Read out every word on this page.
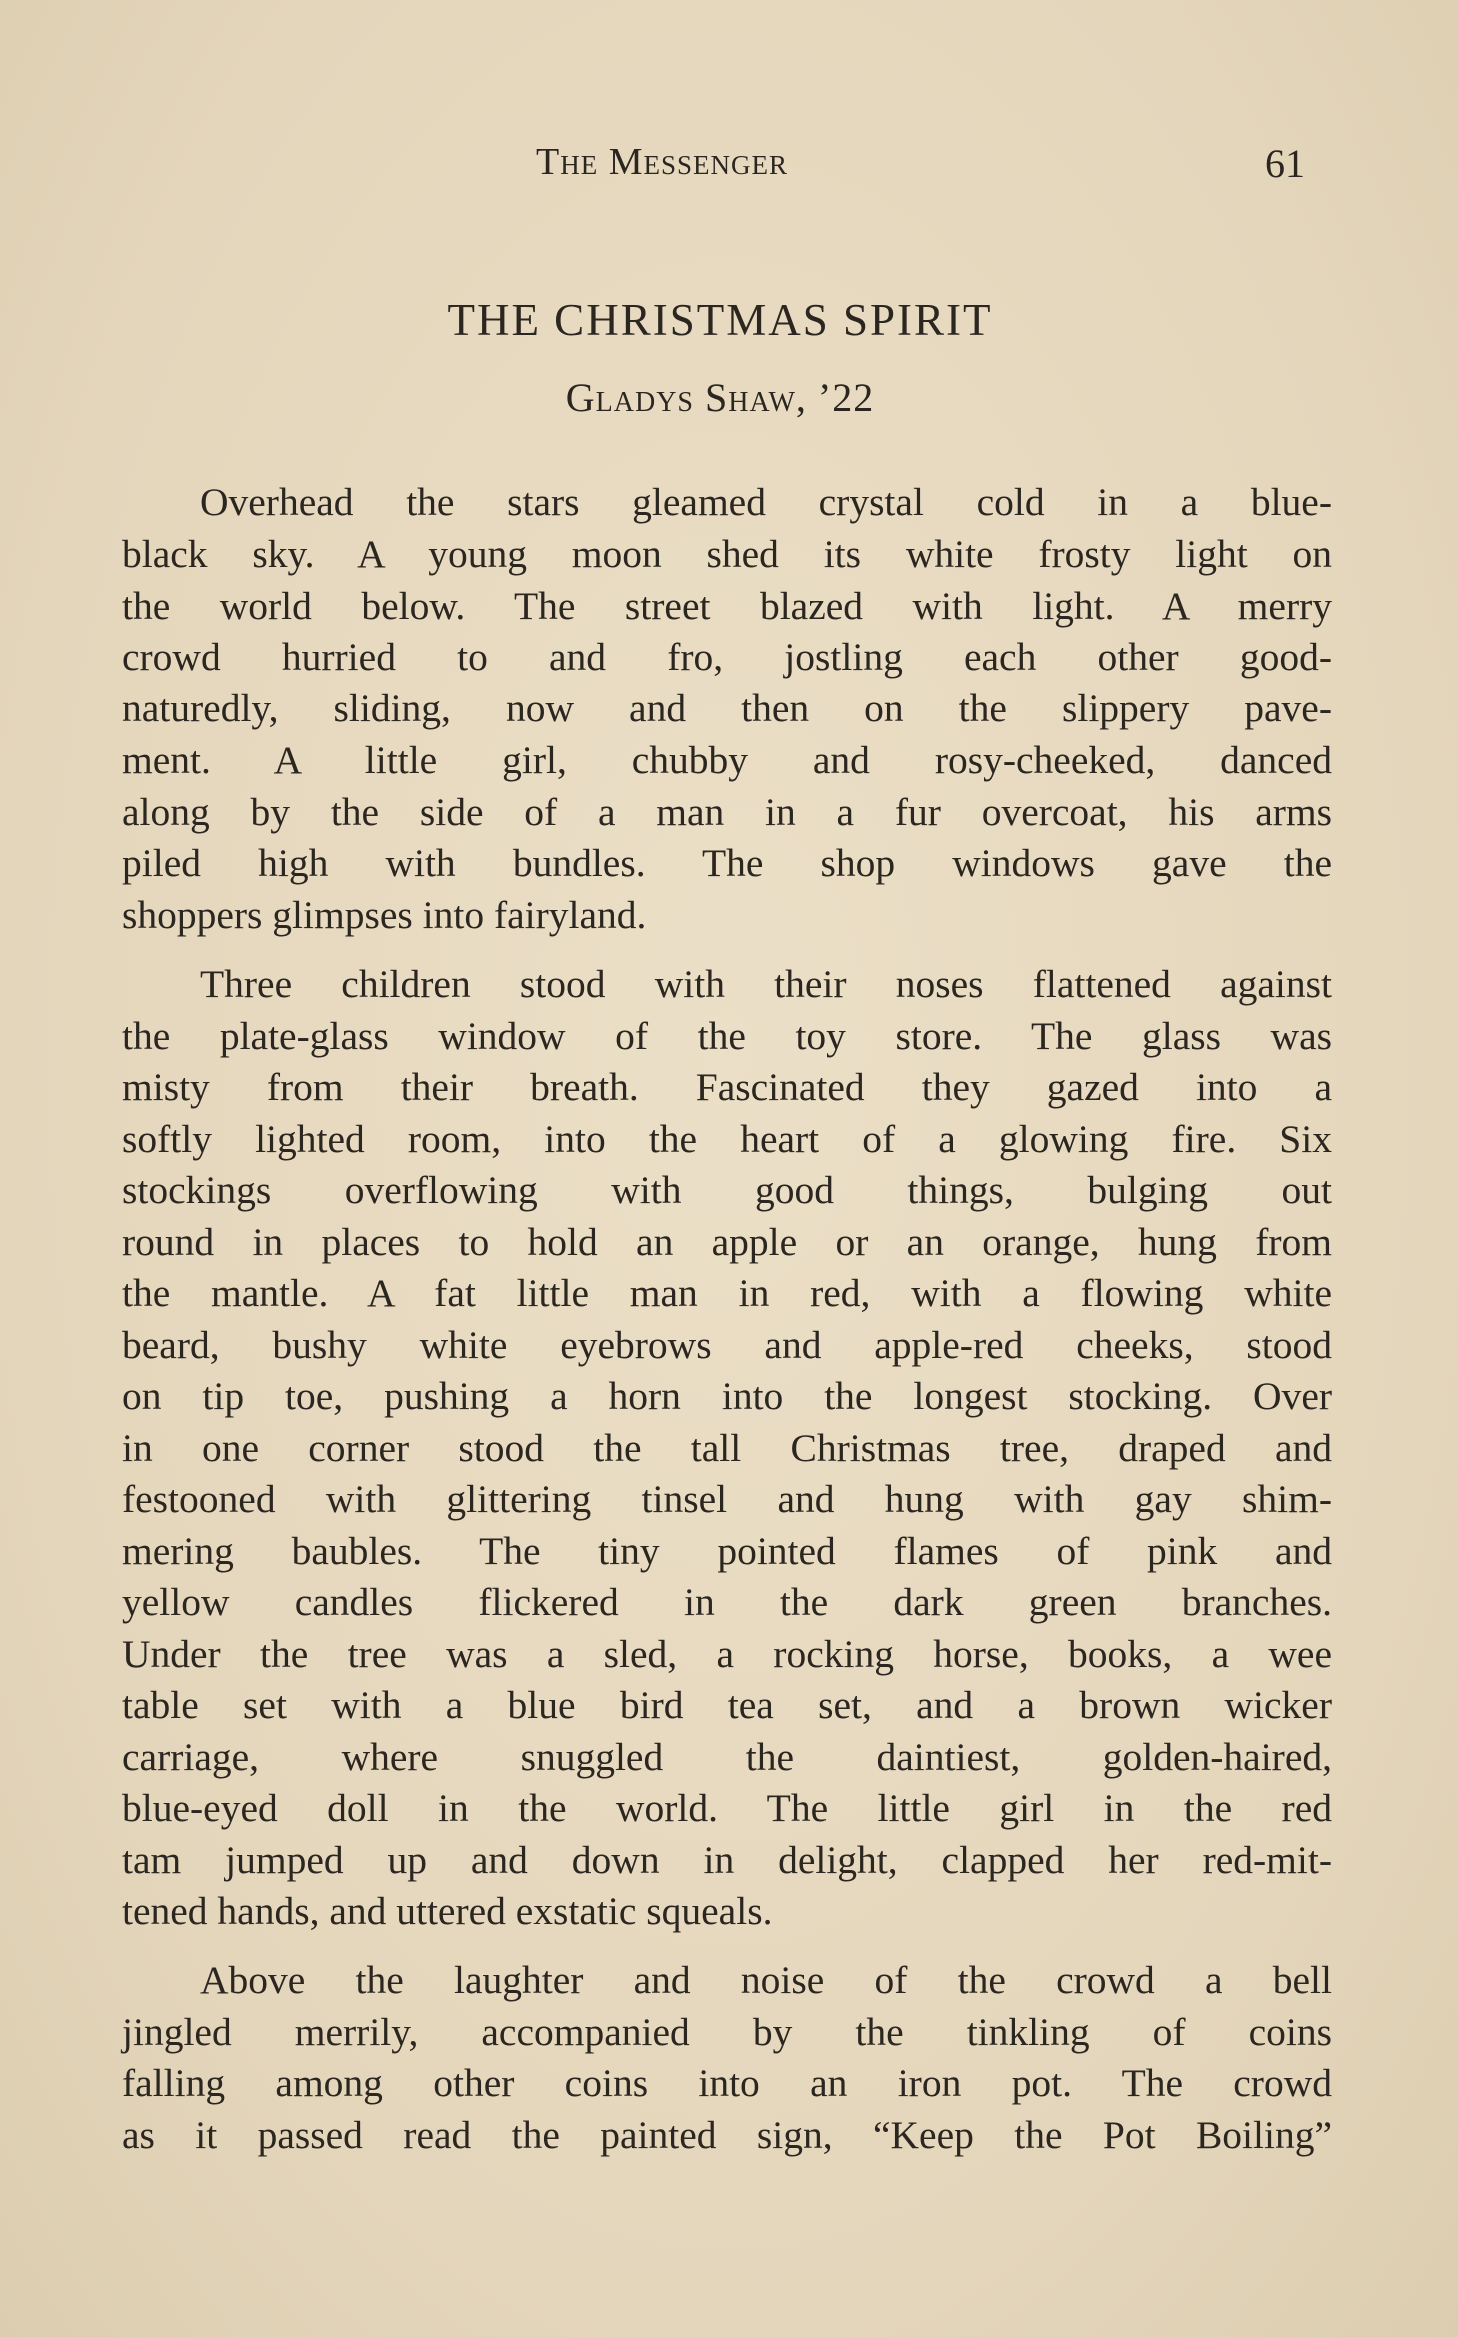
The Messenger	61
THE CHRISTMAS SPIRIT
Gladys Shaw, ’22
Overhead the stars gleamed crystal cold in a blue-
black sky. A young moon shed its white frosty light on
the world below. The street blazed with light. A merry
crowd hurried to and fro, jostling each other good-
naturedly, sliding, now and then on the slippery pave-
ment. A little girl, chubby and rosy-cheeked, danced
along by the side of a man in a fur overcoat, his arms
piled high with bundles. The shop windows gave the
shoppers glimpses into fairyland.
Three children stood with their noses flattened against
the plate-glass window of the toy store. The glass was
misty from their breath. Fascinated they gazed into a
softly lighted room, into the heart of a glowing fire. Six
stockings overflowing with good things, bulging out
round in places to hold an apple or an orange, hung from
the mantle. A fat little man in red, with a flowing white
beard, bushy white eyebrows and apple-red cheeks, stood
on tip toe, pushing a horn into the longest stocking. Over
in one corner stood the tall Christmas tree, draped and
festooned with glittering tinsel and hung with gay shim-
mering baubles. The tiny pointed flames of pink and
yellow candles flickered in the dark green branches.
Under the tree was a sled, a rocking horse, books, a wee
table set with a blue bird tea set, and a brown wicker
carriage, where snuggled the daintiest, golden-haired,
blue-eyed doll in the world. The little girl in the red
tam jumped up and down in delight, clapped her red-mit-
tened hands, and uttered exstatic squeals.
Above the laughter and noise of the crowd a bell
jingled merrily, accompanied by the tinkling of coins
falling among other coins into an iron pot. The crowd
as it passed read the painted sign, “Keep the Pot Boiling”
